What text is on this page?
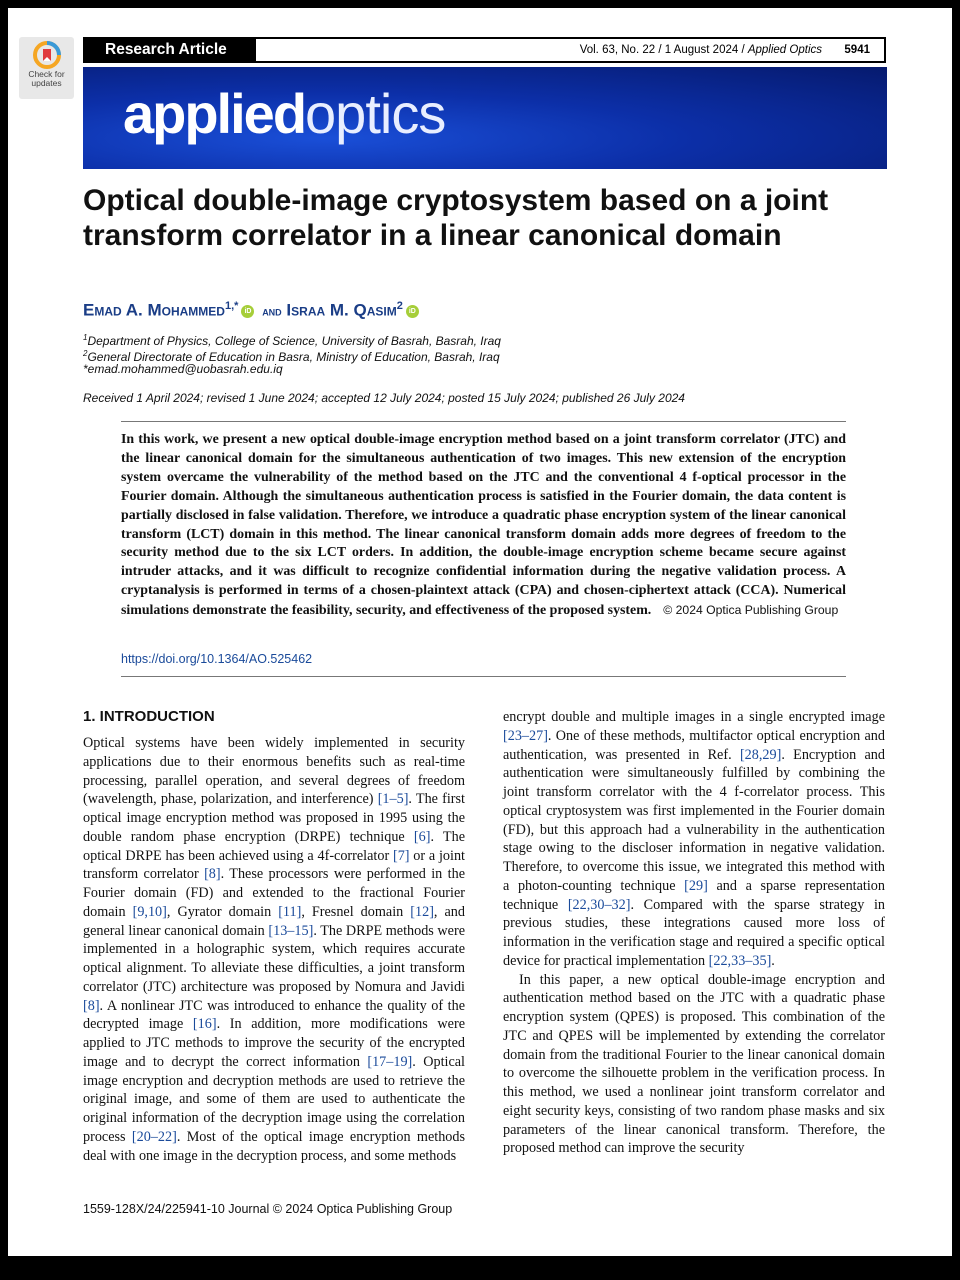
Check for
updates
Research Article	Vol. 63, No. 22 / 1 August 2024 / Applied Optics 5941
appliedoptics
Optical double-image cryptosystem based on a joint transform correlator in a linear canonical domain
Emad A. Mohammed$^{1,*}$ iD and Israa M. Qasim$^2$ iD
$^1$Department of Physics, College of Science, University of Basrah, Basrah, Iraq
$^2$General Directorate of Education in Basra, Ministry of Education, Basrah, Iraq
*emad.mohammed@uobasrah.edu.iq
Received 1 April 2024; revised 1 June 2024; accepted 12 July 2024; posted 15 July 2024; published 26 July 2024
In this work, we present a new optical double-image encryption method based on a joint transform correlator (JTC) and the linear canonical domain for the simultaneous authentication of two images. This new extension of the encryption system overcame the vulnerability of the method based on the JTC and the conventional 4 f-optical processor in the Fourier domain. Although the simultaneous authentication process is satisfied in the Fourier domain, the data content is partially disclosed in false validation. Therefore, we introduce a quadratic phase encryption system of the linear canonical transform (LCT) domain in this method. The linear canonical transform domain adds more degrees of freedom to the security method due to the six LCT orders. In addition, the double-image encryption scheme became secure against intruder attacks, and it was difficult to recognize confidential information during the negative validation process. A cryptanalysis is performed in terms of a chosen-plaintext attack (CPA) and chosen-ciphertext attack (CCA). Numerical simulations demonstrate the feasibility, security, and effectiveness of the proposed system. © 2024 Optica Publishing Group
https://doi.org/10.1364/AO.525462
1. INTRODUCTION

Optical systems have been widely implemented in security applications due to their enormous benefits such as real-time processing, parallel operation, and several degrees of freedom (wavelength, phase, polarization, and interference) [1–5]. The first optical image encryption method was proposed in 1995 using the double random phase encryption (DRPE) technique [6]. The optical DRPE has been achieved using a 4f-correlator [7] or a joint transform correlator [8]. These processors were performed in the Fourier domain (FD) and extended to the fractional Fourier domain [9,10], Gyrator domain [11], Fresnel domain [12], and general linear canonical domain [13–15]. The DRPE methods were implemented in a holographic system, which requires accurate optical alignment. To alleviate these difficulties, a joint transform correlator (JTC) architecture was proposed by Nomura and Javidi [8]. A nonlinear JTC was introduced to enhance the quality of the decrypted image [16]. In addition, more modifications were applied to JTC methods to improve the security of the encrypted image and to decrypt the correct information [17–19]. Optical image encryption and decryption methods are used to retrieve the original image, and some of them are used to authenticate the original information of the decryption image using the correlation process [20–22]. Most of the optical image encryption methods deal with one image in the decryption process, and some methods

encrypt double and multiple images in a single encrypted image [23–27]. One of these methods, multifactor optical encryption and authentication, was presented in Ref. [28,29]. Encryption and authentication were simultaneously fulfilled by combining the joint transform correlator with the 4 f-correlator process. This optical cryptosystem was first implemented in the Fourier domain (FD), but this approach had a vulnerability in the authentication stage owing to the discloser information in negative validation. Therefore, to overcome this issue, we integrated this method with a photon-counting technique [29] and a sparse representation technique [22,30–32]. Compared with the sparse strategy in previous studies, these integrations caused more loss of information in the verification stage and required a specific optical device for practical implementation [22,33–35].

In this paper, a new optical double-image encryption and authentication method based on the JTC with a quadratic phase encryption system (QPES) is proposed. This combination of the JTC and QPES will be implemented by extending the correlator domain from the traditional Fourier to the linear canonical domain to overcome the silhouette problem in the verification process. In this method, we used a nonlinear joint transform correlator and eight security keys, consisting of two random phase masks and six parameters of the linear canonical transform. Therefore, the proposed method can improve the security

1559-128X/24/225941-10 Journal © 2024 Optica Publishing Group
